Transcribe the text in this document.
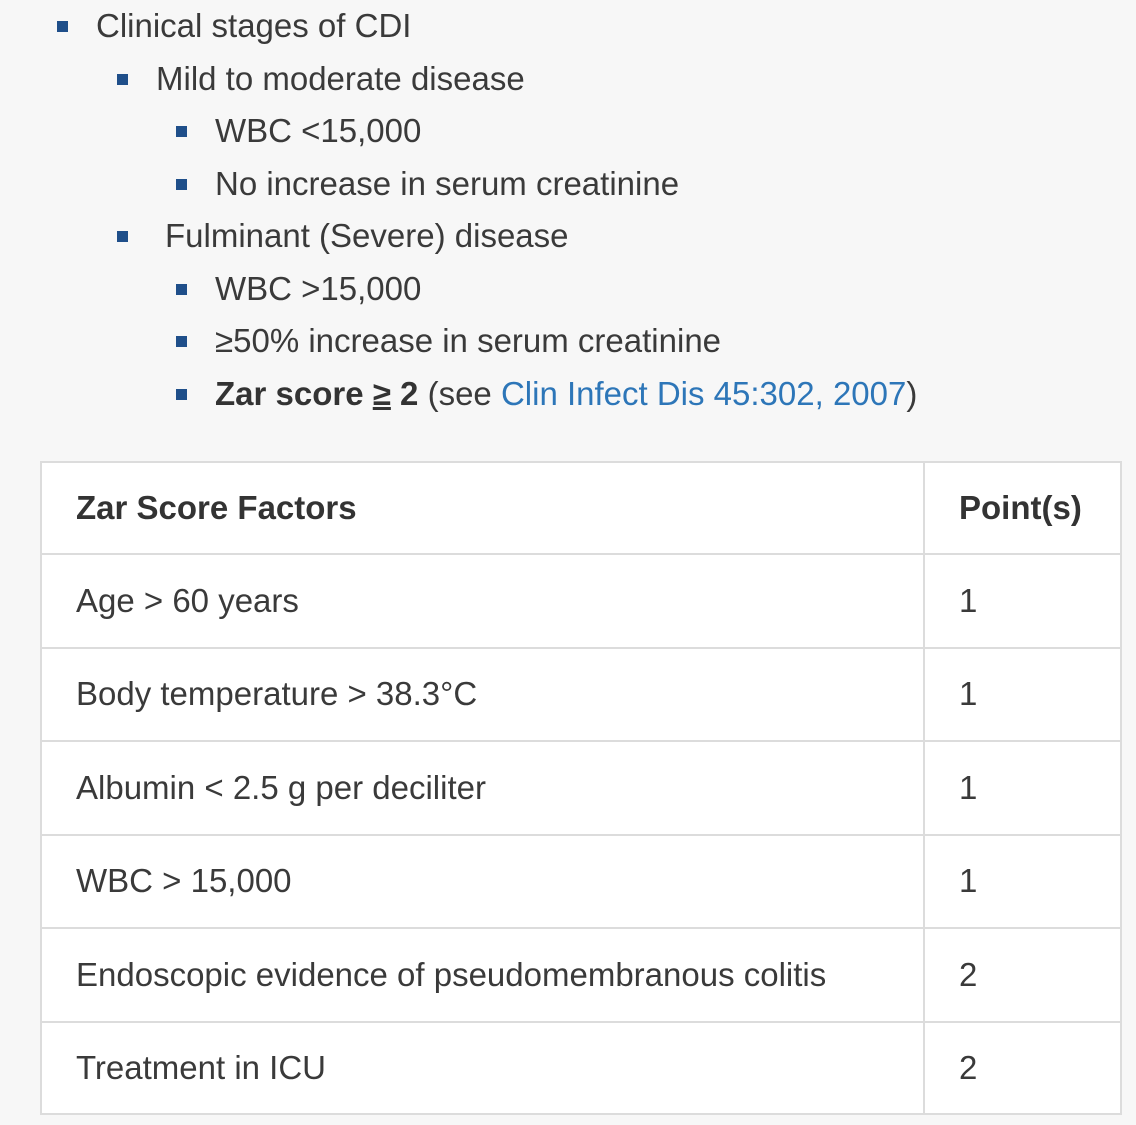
Clinical stages of CDI
Mild to moderate disease
WBC <15,000
No increase in serum creatinine
Fulminant (Severe) disease
WBC >15,000
≥50% increase in serum creatinine
Zar score ≥ 2 (see Clin Infect Dis 45:302, 2007)
Zar Score Factors	Point(s)
Age > 60 years	1
Body temperature > 38.3°C	1
Albumin < 2.5 g per deciliter	1
WBC > 15,000	1
Endoscopic evidence of pseudomembranous colitis	2
Treatment in ICU	2
